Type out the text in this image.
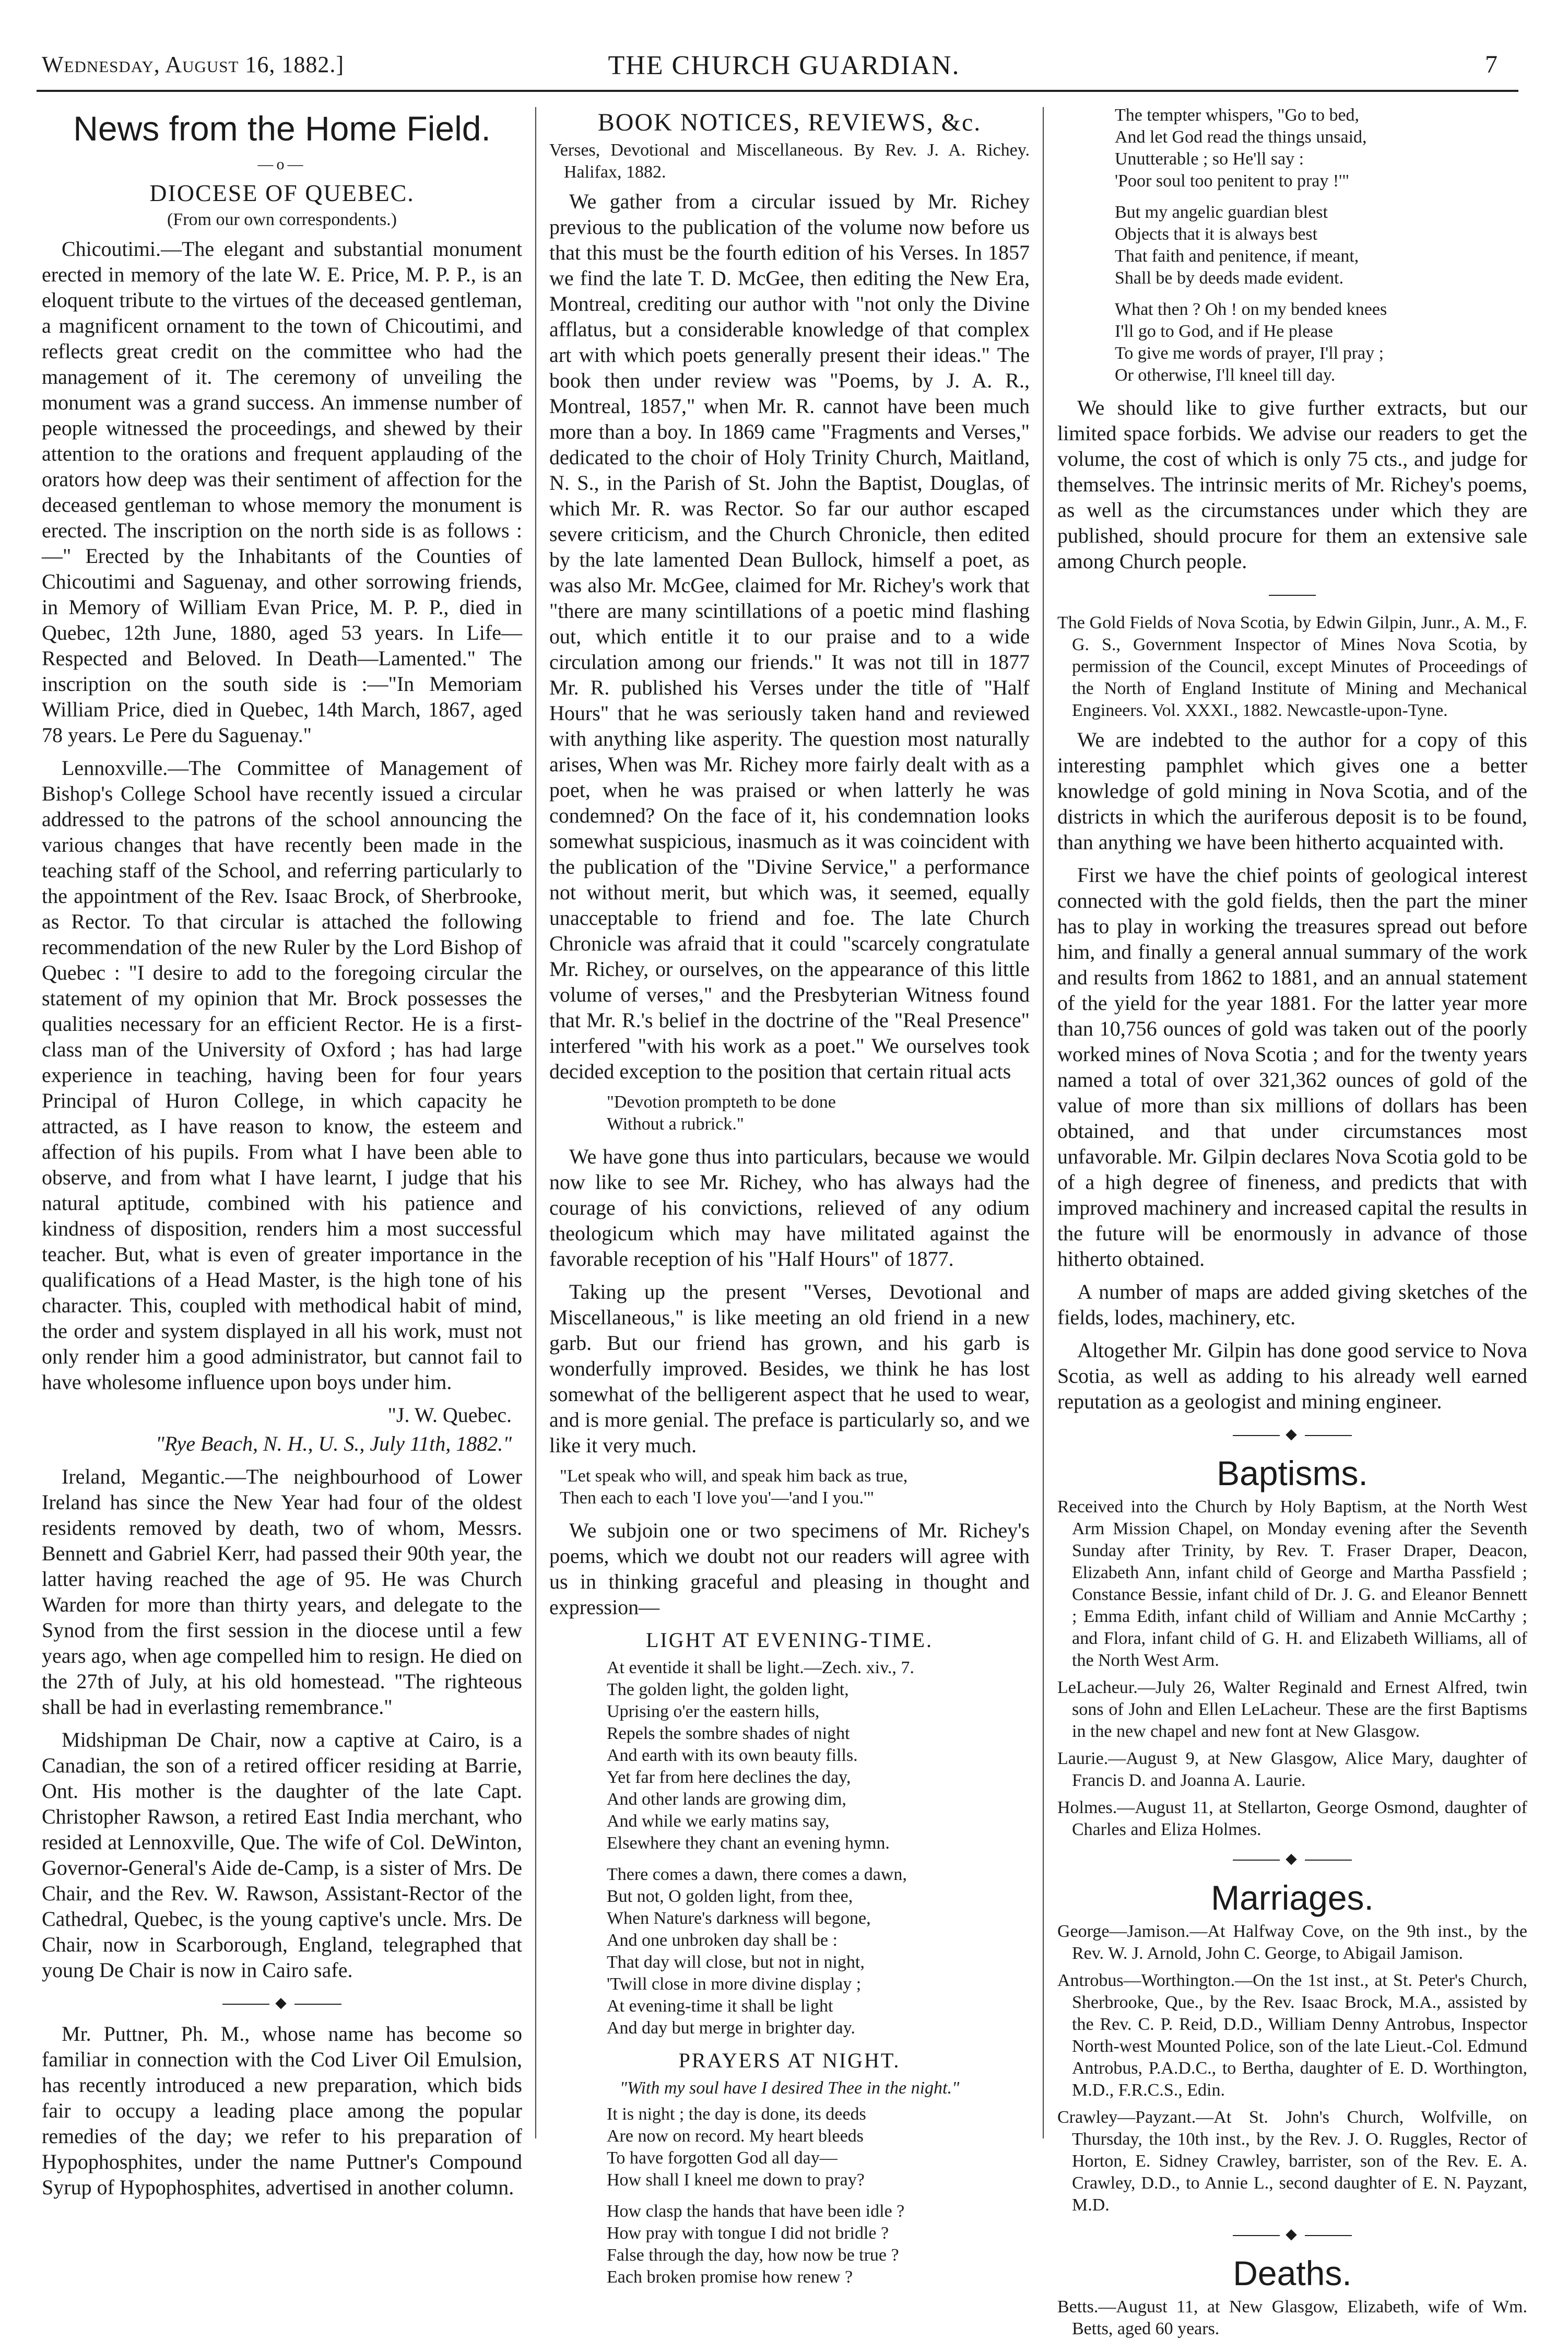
Wednesday, August 16, 1882.]	THE CHURCH GUARDIAN.	7
News from the Home Field.
—o—
DIOCESE OF QUEBEC.
(From our own correspondents.)

Chicoutimi.—The elegant and substantial monument erected in memory of the late W. E. Price, M. P. P., is an eloquent tribute to the virtues of the deceased gentleman, a magnificent ornament to the town of Chicoutimi, and reflects great credit on the committee who had the management of it. The ceremony of unveiling the monument was a grand success. An immense number of people witnessed the proceedings, and shewed by their attention to the orations and frequent applauding of the orators how deep was their sentiment of affection for the deceased gentleman to whose memory the monument is erected. The inscription on the north side is as follows :—" Erected by the Inhabitants of the Counties of Chicoutimi and Saguenay, and other sorrowing friends, in Memory of William Evan Price, M. P. P., died in Quebec, 12th June, 1880, aged 53 years. In Life—Respected and Beloved. In Death—Lamented." The inscription on the south side is :—"In Memoriam William Price, died in Quebec, 14th March, 1867, aged 78 years. Le Pere du Saguenay."

Lennoxville.—The Committee of Management of Bishop's College School have recently issued a circular addressed to the patrons of the school announcing the various changes that have recently been made in the teaching staff of the School, and referring particularly to the appointment of the Rev. Isaac Brock, of Sherbrooke, as Rector. To that circular is attached the following recommendation of the new Ruler by the Lord Bishop of Quebec : "I desire to add to the foregoing circular the statement of my opinion that Mr. Brock possesses the qualities necessary for an efficient Rector. He is a first-class man of the University of Oxford ; has had large experience in teaching, having been for four years Principal of Huron College, in which capacity he attracted, as I have reason to know, the esteem and affection of his pupils. From what I have been able to observe, and from what I have learnt, I judge that his natural aptitude, combined with his patience and kindness of disposition, renders him a most successful teacher. But, what is even of greater importance in the qualifications of a Head Master, is the high tone of his character. This, coupled with methodical habit of mind, the order and system displayed in all his work, must not only render him a good administrator, but cannot fail to have wholesome influence upon boys under him.

"J. W. Quebec.
"Rye Beach, N. H., U. S., July 11th, 1882."

Ireland, Megantic.—The neighbourhood of Lower Ireland has since the New Year had four of the oldest residents removed by death, two of whom, Messrs. Bennett and Gabriel Kerr, had passed their 90th year, the latter having reached the age of 95. He was Church Warden for more than thirty years, and delegate to the Synod from the first session in the diocese until a few years ago, when age compelled him to resign. He died on the 27th of July, at his old homestead. "The righteous shall be had in everlasting remembrance."

Midshipman De Chair, now a captive at Cairo, is a Canadian, the son of a retired officer residing at Barrie, Ont. His mother is the daughter of the late Capt. Christopher Rawson, a retired East India merchant, who resided at Lennoxville, Que. The wife of Col. DeWinton, Governor-General's Aide de-Camp, is a sister of Mrs. De Chair, and the Rev. W. Rawson, Assistant-Rector of the Cathedral, Quebec, is the young captive's uncle. Mrs. De Chair, now in Scarborough, England, telegraphed that young De Chair is now in Cairo safe.

◆

Mr. Puttner, Ph. M., whose name has become so familiar in connection with the Cod Liver Oil Emulsion, has recently introduced a new preparation, which bids fair to occupy a leading place among the popular remedies of the day; we refer to his preparation of Hypophosphites, under the name Puttner's Compound Syrup of Hypophosphites, advertised in another column.

BOOK NOTICES, REVIEWS, &c.
Verses, Devotional and Miscellaneous. By Rev. J. A. Richey. Halifax, 1882.

We gather from a circular issued by Mr. Richey previous to the publication of the volume now before us that this must be the fourth edition of his Verses. In 1857 we find the late T. D. McGee, then editing the New Era, Montreal, crediting our author with "not only the Divine afflatus, but a considerable knowledge of that complex art with which poets generally present their ideas." The book then under review was "Poems, by J. A. R., Montreal, 1857," when Mr. R. cannot have been much more than a boy. In 1869 came "Fragments and Verses," dedicated to the choir of Holy Trinity Church, Maitland, N. S., in the Parish of St. John the Baptist, Douglas, of which Mr. R. was Rector. So far our author escaped severe criticism, and the Church Chronicle, then edited by the late lamented Dean Bullock, himself a poet, as was also Mr. McGee, claimed for Mr. Richey's work that "there are many scintillations of a poetic mind flashing out, which entitle it to our praise and to a wide circulation among our friends." It was not till in 1877 Mr. R. published his Verses under the title of "Half Hours" that he was seriously taken hand and reviewed with anything like asperity. The question most naturally arises, When was Mr. Richey more fairly dealt with as a poet, when he was praised or when latterly he was condemned? On the face of it, his condemnation looks somewhat suspicious, inasmuch as it was coincident with the publication of the "Divine Service," a performance not without merit, but which was, it seemed, equally unacceptable to friend and foe. The late Church Chronicle was afraid that it could "scarcely congratulate Mr. Richey, or ourselves, on the appearance of this little volume of verses," and the Presbyterian Witness found that Mr. R.'s belief in the doctrine of the "Real Presence" interfered "with his work as a poet." We ourselves took decided exception to the position that certain ritual acts

"Devotion prompteth to be done
Without a rubrick."

We have gone thus into particulars, because we would now like to see Mr. Richey, who has always had the courage of his convictions, relieved of any odium theologicum which may have militated against the favorable reception of his "Half Hours" of 1877.

Taking up the present "Verses, Devotional and Miscellaneous," is like meeting an old friend in a new garb. But our friend has grown, and his garb is wonderfully improved. Besides, we think he has lost somewhat of the belligerent aspect that he used to wear, and is more genial. The preface is particularly so, and we like it very much.

"Let speak who will, and speak him back as true,
Then each to each 'I love you'—'and I you.'"

We subjoin one or two specimens of Mr. Richey's poems, which we doubt not our readers will agree with us in thinking graceful and pleasing in thought and expression—

LIGHT AT EVENING-TIME.
At eventide it shall be light.—Zech. xiv., 7.
The golden light, the golden light,
Uprising o'er the eastern hills,
Repels the sombre shades of night
And earth with its own beauty fills.
Yet far from here declines the day,
And other lands are growing dim,
And while we early matins say,
Elsewhere they chant an evening hymn.
There comes a dawn, there comes a dawn,
But not, O golden light, from thee,
When Nature's darkness will begone,
And one unbroken day shall be :
That day will close, but not in night,
'Twill close in more divine display ;
At evening-time it shall be light
And day but merge in brighter day.
PRAYERS AT NIGHT.
"With my soul have I desired Thee in the night."
It is night ; the day is done, its deeds
Are now on record. My heart bleeds
To have forgotten God all day—
How shall I kneel me down to pray?
How clasp the hands that have been idle ?
How pray with tongue I did not bridle ?
False through the day, how now be true ?
Each broken promise how renew ?
The tempter whispers, "Go to bed,
And let God read the things unsaid,
Unutterable ; so He'll say :
'Poor soul too penitent to pray !'"
But my angelic guardian blest
Objects that it is always best
That faith and penitence, if meant,
Shall be by deeds made evident.
What then ? Oh ! on my bended knees
I'll go to God, and if He please
To give me words of prayer, I'll pray ;
Or otherwise, I'll kneel till day.

We should like to give further extracts, but our limited space forbids. We advise our readers to get the volume, the cost of which is only 75 cts., and judge for themselves. The intrinsic merits of Mr. Richey's poems, as well as the circumstances under which they are published, should procure for them an extensive sale among Church people.

The Gold Fields of Nova Scotia, by Edwin Gilpin, Junr., A. M., F. G. S., Government Inspector of Mines Nova Scotia, by permission of the Council, except Minutes of Proceedings of the North of England Institute of Mining and Mechanical Engineers. Vol. XXXI., 1882. Newcastle-upon-Tyne.

We are indebted to the author for a copy of this interesting pamphlet which gives one a better knowledge of gold mining in Nova Scotia, and of the districts in which the auriferous deposit is to be found, than anything we have been hitherto acquainted with.

First we have the chief points of geological interest connected with the gold fields, then the part the miner has to play in working the treasures spread out before him, and finally a general annual summary of the work and results from 1862 to 1881, and an annual statement of the yield for the year 1881. For the latter year more than 10,756 ounces of gold was taken out of the poorly worked mines of Nova Scotia ; and for the twenty years named a total of over 321,362 ounces of gold of the value of more than six millions of dollars has been obtained, and that under circumstances most unfavorable. Mr. Gilpin declares Nova Scotia gold to be of a high degree of fineness, and predicts that with improved machinery and increased capital the results in the future will be enormously in advance of those hitherto obtained.

A number of maps are added giving sketches of the fields, lodes, machinery, etc.

Altogether Mr. Gilpin has done good service to Nova Scotia, as well as adding to his already well earned reputation as a geologist and mining engineer.

◆
Baptisms.
Received into the Church by Holy Baptism, at the North West Arm Mission Chapel, on Monday evening after the Seventh Sunday after Trinity, by Rev. T. Fraser Draper, Deacon, Elizabeth Ann, infant child of George and Martha Passfield ; Constance Bessie, infant child of Dr. J. G. and Eleanor Bennett ; Emma Edith, infant child of William and Annie McCarthy ; and Flora, infant child of G. H. and Elizabeth Williams, all of the North West Arm.
LeLacheur.—July 26, Walter Reginald and Ernest Alfred, twin sons of John and Ellen LeLacheur. These are the first Baptisms in the new chapel and new font at New Glasgow.
Laurie.—August 9, at New Glasgow, Alice Mary, daughter of Francis D. and Joanna A. Laurie.
Holmes.—August 11, at Stellarton, George Osmond, daughter of Charles and Eliza Holmes.
◆
Marriages.
George—Jamison.—At Halfway Cove, on the 9th inst., by the Rev. W. J. Arnold, John C. George, to Abigail Jamison.
Antrobus—Worthington.—On the 1st inst., at St. Peter's Church, Sherbrooke, Que., by the Rev. Isaac Brock, M.A., assisted by the Rev. C. P. Reid, D.D., William Denny Antrobus, Inspector North-west Mounted Police, son of the late Lieut.-Col. Edmund Antrobus, P.A.D.C., to Bertha, daughter of E. D. Worthington, M.D., F.R.C.S., Edin.
Crawley—Payzant.—At St. John's Church, Wolfville, on Thursday, the 10th inst., by the Rev. J. O. Ruggles, Rector of Horton, E. Sidney Crawley, barrister, son of the Rev. E. A. Crawley, D.D., to Annie L., second daughter of E. N. Payzant, M.D.
◆
Deaths.
Betts.—August 11, at New Glasgow, Elizabeth, wife of Wm. Betts, aged 60 years.
